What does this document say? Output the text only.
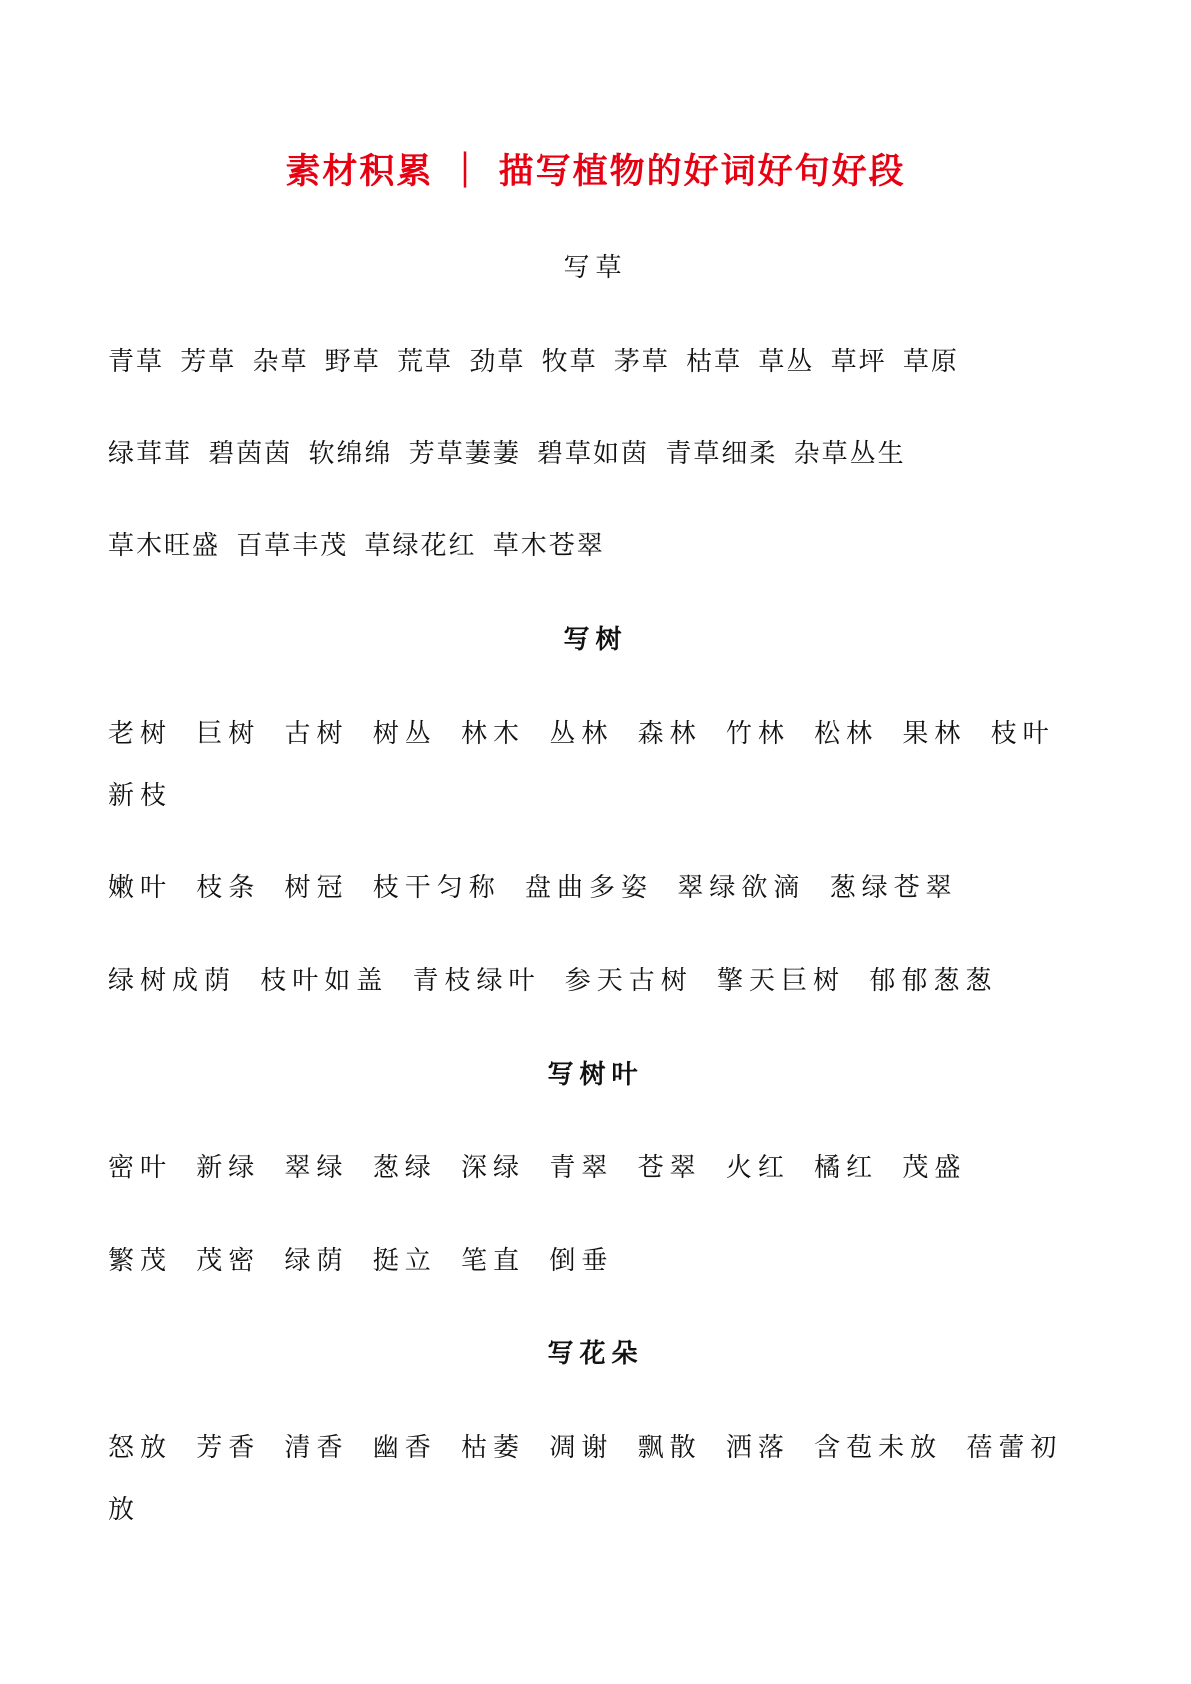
素材积累 ｜ 描写植物的好词好句好段
写草
青草 芳草 杂草 野草 荒草 劲草 牧草 茅草 枯草 草丛 草坪 草原
绿茸茸 碧茵茵 软绵绵 芳草萋萋 碧草如茵 青草细柔 杂草丛生
草木旺盛 百草丰茂 草绿花红 草木苍翠
写树
老树 巨树 古树 树丛 林木 丛林 森林 竹林 松林 果林 枝叶
新枝
嫩叶 枝条 树冠 枝干匀称 盘曲多姿 翠绿欲滴 葱绿苍翠
绿树成荫 枝叶如盖 青枝绿叶 参天古树 擎天巨树 郁郁葱葱
写树叶
密叶 新绿 翠绿 葱绿 深绿 青翠 苍翠 火红 橘红 茂盛
繁茂 茂密 绿荫 挺立 笔直 倒垂
写花朵
怒放 芳香 清香 幽香 枯萎 凋谢 飘散 洒落 含苞未放 蓓蕾初
放
